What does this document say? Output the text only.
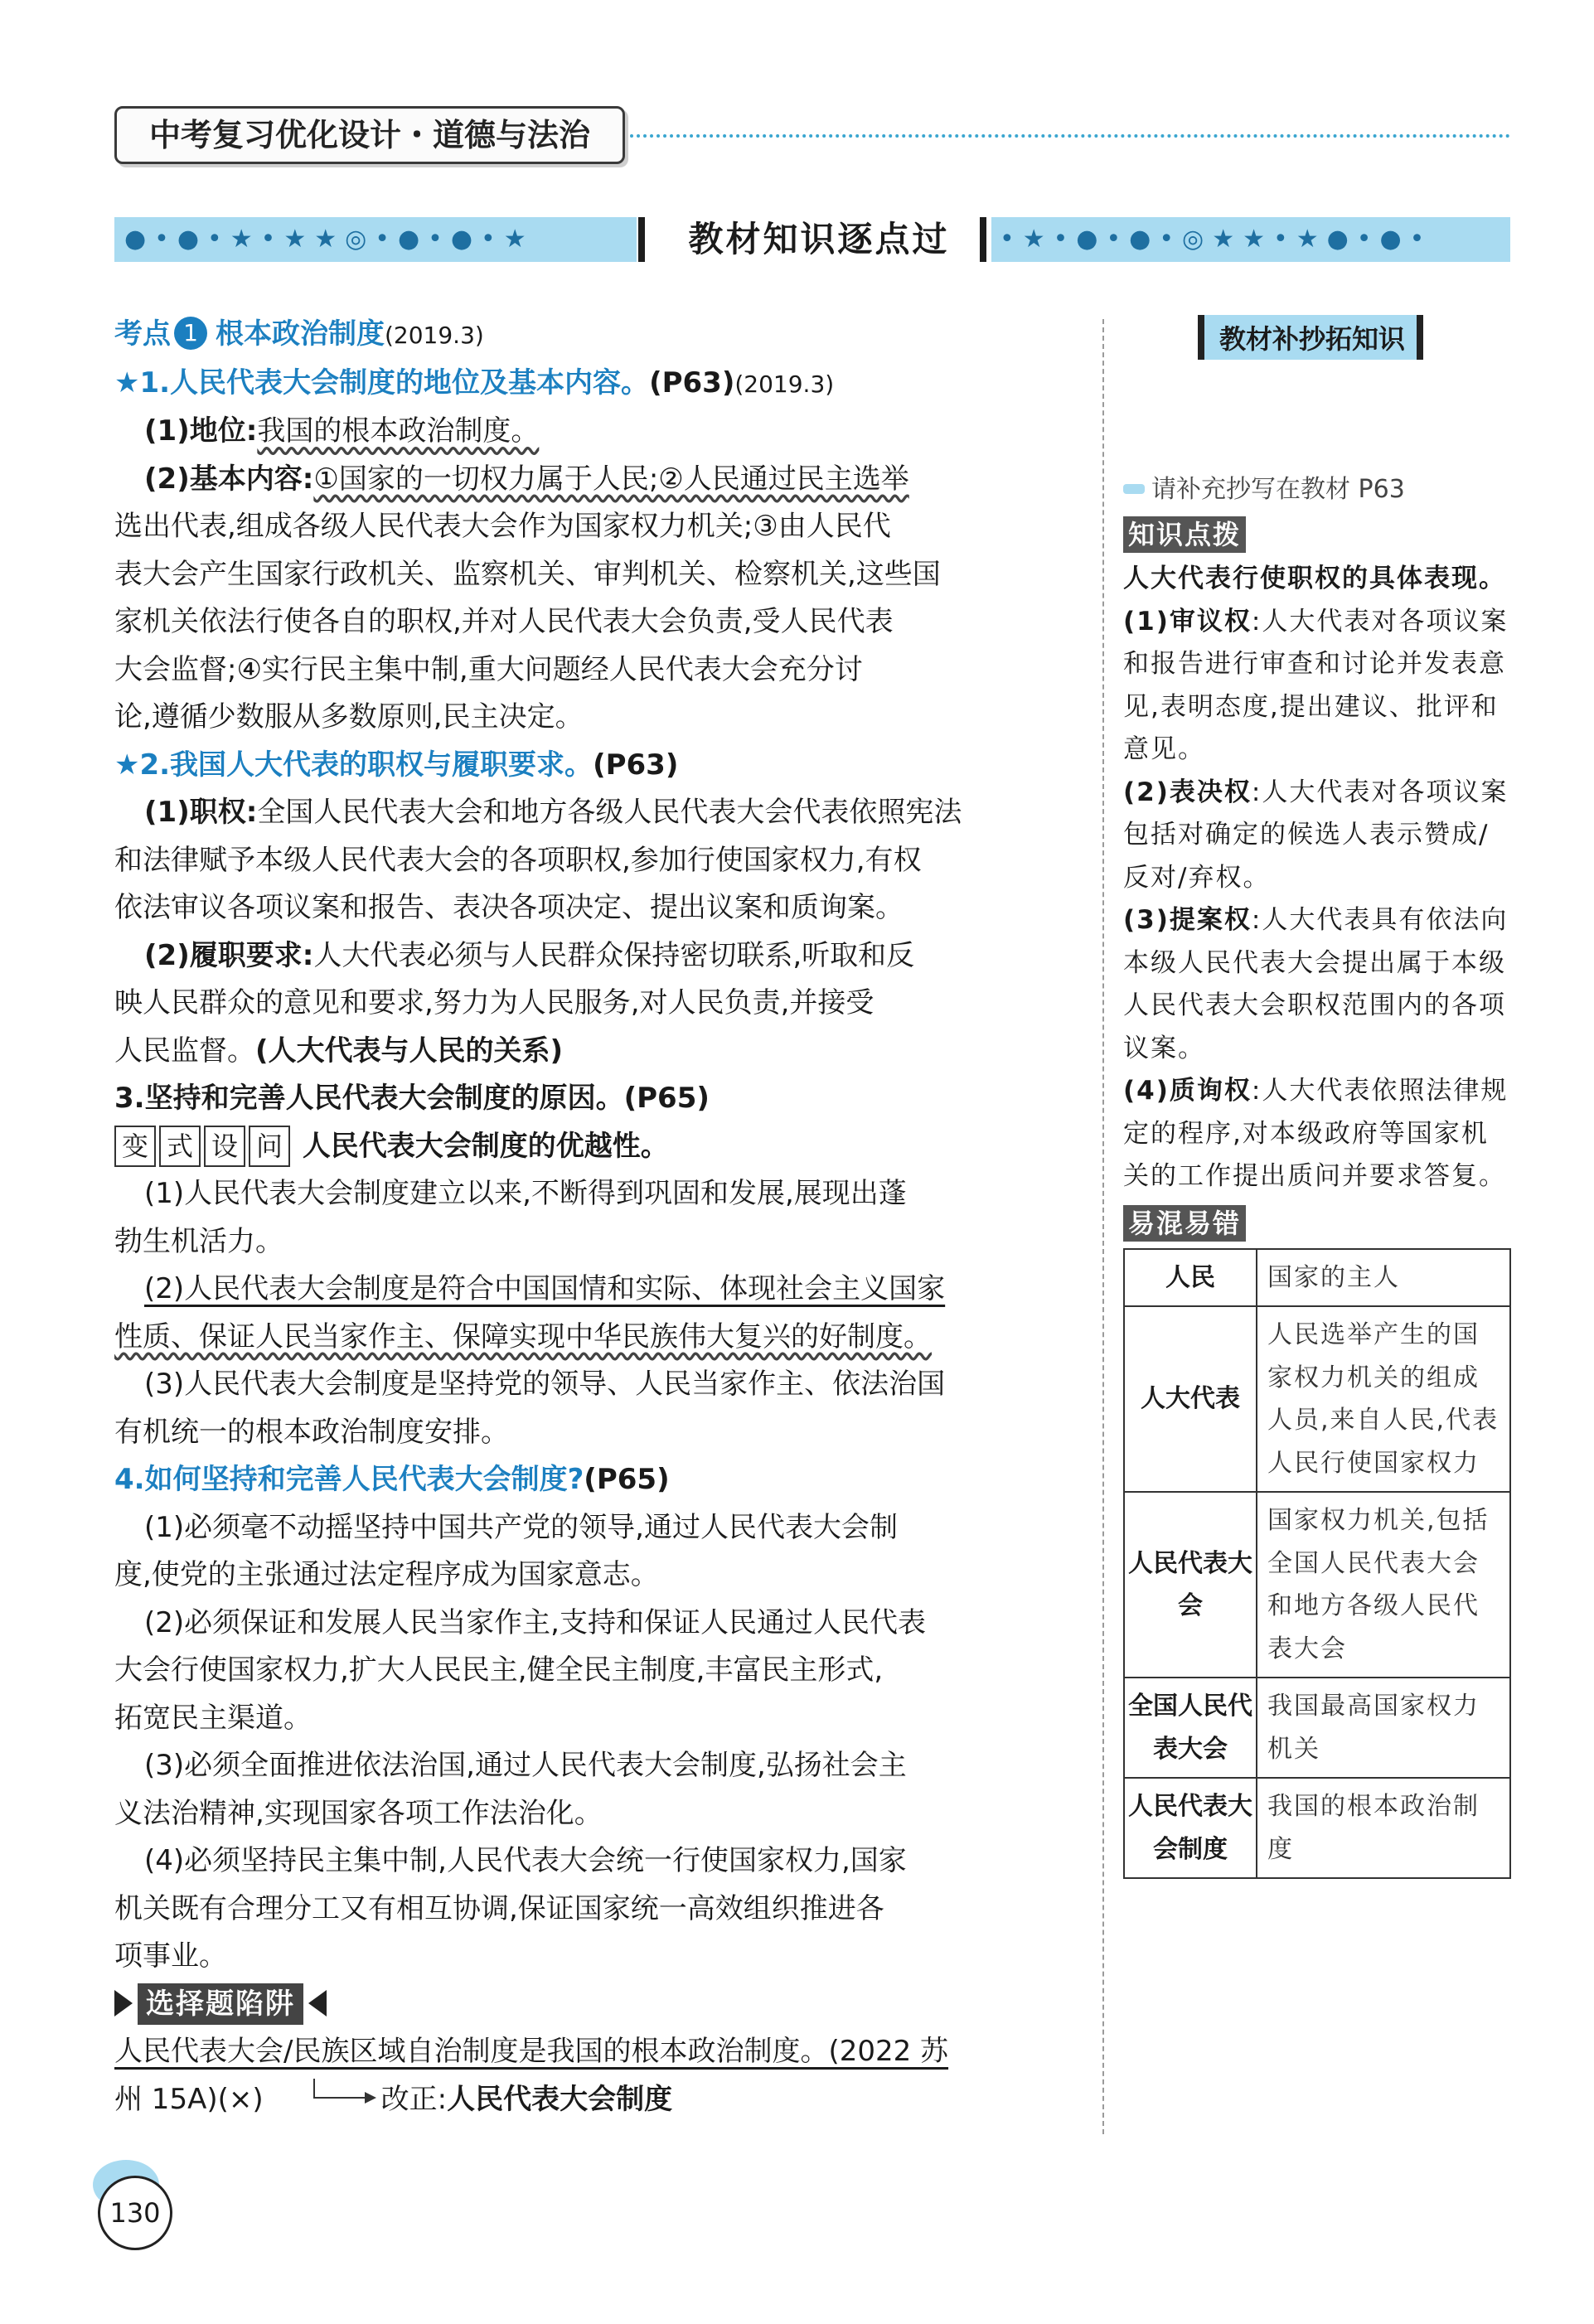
中考复习优化设计・道德与法治
●•●•★•★★◎•●•●•★	教材知识逐点过	•★•●•●•◎★★•★●•●•
考点 1 根本政治制度(2019.3)
★1.人民代表大会制度的地位及基本内容。(P63)(2019.3)
(1)地位:我国的根本政治制度。
(2)基本内容:①国家的一切权力属于人民;②人民通过民主选举
选出代表,组成各级人民代表大会作为国家权力机关;③由人民代
表大会产生国家行政机关、监察机关、审判机关、检察机关,这些国
家机关依法行使各自的职权,并对人民代表大会负责,受人民代表
大会监督;④实行民主集中制,重大问题经人民代表大会充分讨
论,遵循少数服从多数原则,民主决定。
★2.我国人大代表的职权与履职要求。(P63)
(1)职权:全国人民代表大会和地方各级人民代表大会代表依照宪法
和法律赋予本级人民代表大会的各项职权,参加行使国家权力,有权
依法审议各项议案和报告、表决各项决定、提出议案和质询案。
(2)履职要求:人大代表必须与人民群众保持密切联系,听取和反
映人民群众的意见和要求,努力为人民服务,对人民负责,并接受
人民监督。(人大代表与人民的关系)
3.坚持和完善人民代表大会制度的原因。(P65)
变 式 设 问 人民代表大会制度的优越性。
(1)人民代表大会制度建立以来,不断得到巩固和发展,展现出蓬
勃生机活力。
(2)人民代表大会制度是符合中国国情和实际、体现社会主义国家
性质、保证人民当家作主、保障实现中华民族伟大复兴的好制度。
(3)人民代表大会制度是坚持党的领导、人民当家作主、依法治国
有机统一的根本政治制度安排。
4.如何坚持和完善人民代表大会制度?(P65)
(1)必须毫不动摇坚持中国共产党的领导,通过人民代表大会制
度,使党的主张通过法定程序成为国家意志。
(2)必须保证和发展人民当家作主,支持和保证人民通过人民代表
大会行使国家权力,扩大人民民主,健全民主制度,丰富民主形式,
拓宽民主渠道。
(3)必须全面推进依法治国,通过人民代表大会制度,弘扬社会主
义法治精神,实现国家各项工作法治化。
(4)必须坚持民主集中制,人民代表大会统一行使国家权力,国家
机关既有合理分工又有相互协调,保证国家统一高效组织推进各
项事业。
选择题陷阱
人民代表大会/民族区域自治制度是我国的根本政治制度。(2022 苏
州 15A)(×)	改正:人民代表大会制度
教材补抄拓知识
请补充抄写在教材 P63
知识点拨
人大代表行使职权的具体表现。
(1)审议权:人大代表对各项议案和报告进行审查和讨论并发表意见,表明态度,提出建议、批评和意见。
(2)表决权:人大代表对各项议案包括对确定的候选人表示赞成/反对/弃权。
(3)提案权:人大代表具有依法向本级人民代表大会提出属于本级人民代表大会职权范围内的各项议案。
(4)质询权:人大代表依照法律规定的程序,对本级政府等国家机关的工作提出质问并要求答复。
易混易错
人民	国家的主人
人大代表	人民选举产生的国家权力机关的组成人员,来自人民,代表人民行使国家权力
人民代表大会	国家权力机关,包括全国人民代表大会和地方各级人民代表大会
全国人民代表大会	我国最高国家权力机关
人民代表大会制度	我国的根本政治制度
130
